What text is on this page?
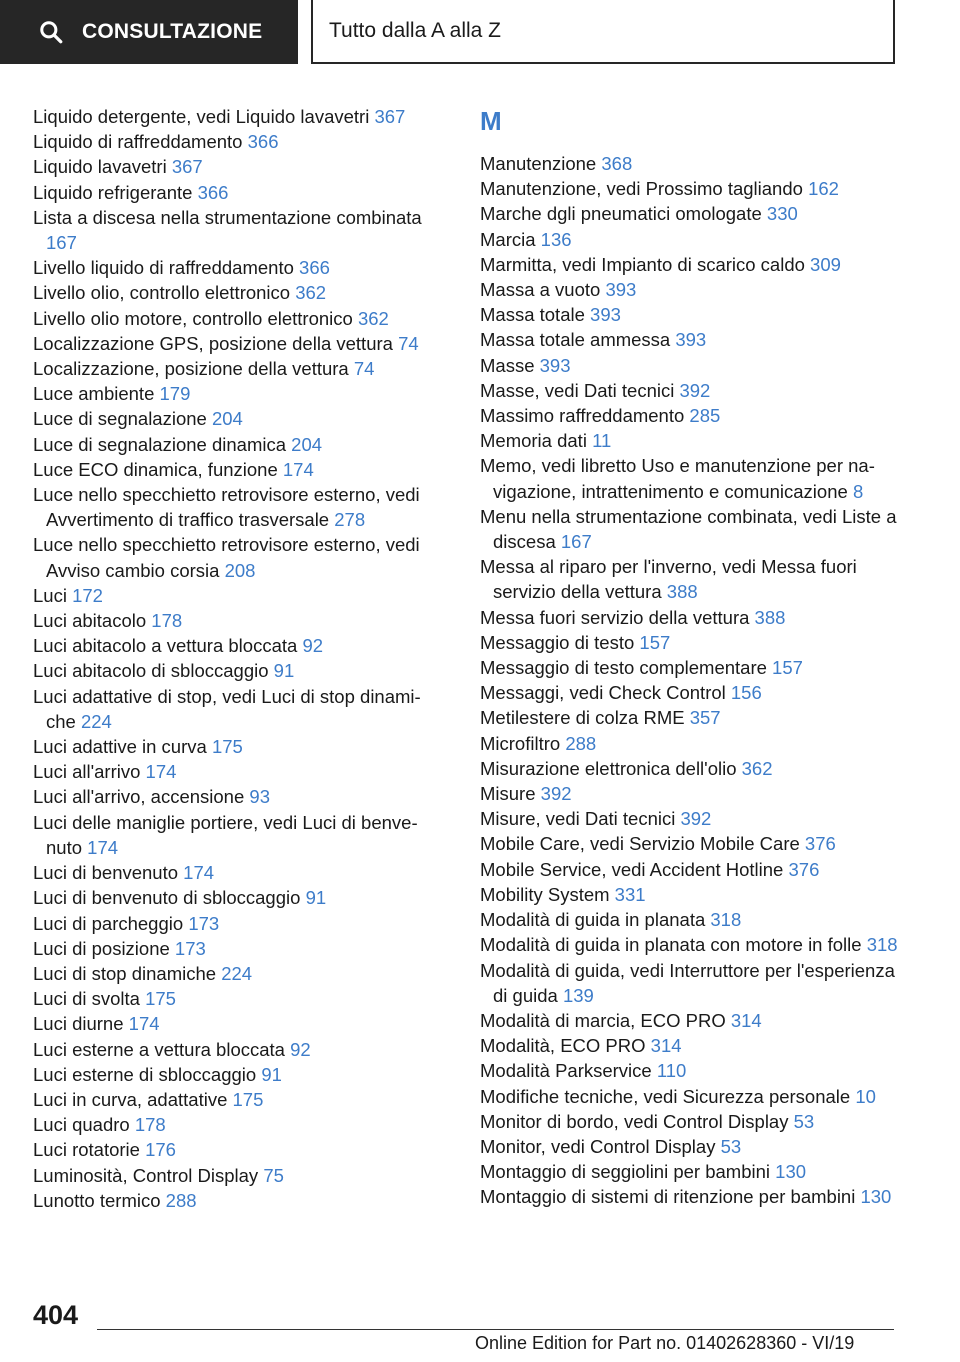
CONSULTAZIONE	Tutto dalla A alla Z

Liquido detergente, vedi Liquido lavavetri 367

Liquido di raffreddamento 366

Liquido lavavetri 367

Liquido refrigerante 366

Lista a discesa nella strumentazione combinata 167

Livello liquido di raffreddamento 366

Livello olio, controllo elettronico 362

Livello olio motore, controllo elettronico 362

Localizzazione GPS, posizione della vettura 74

Localizzazione, posizione della vettura 74

Luce ambiente 179

Luce di segnalazione 204

Luce di segnalazione dinamica 204

Luce ECO dinamica, funzione 174

Luce nello specchietto retrovisore esterno, vedi Avvertimento di traffico trasversale 278

Luce nello specchietto retrovisore esterno, vedi Avviso cambio corsia 208

Luci 172

Luci abitacolo 178

Luci abitacolo a vettura bloccata 92

Luci abitacolo di sbloccaggio 91

Luci adattative di stop, vedi Luci di stop dinamiche 224

Luci adattive in curva 175

Luci all'arrivo 174

Luci all'arrivo, accensione 93

Luci delle maniglie portiere, vedi Luci di benvenuto 174

Luci di benvenuto 174

Luci di benvenuto di sbloccaggio 91

Luci di parcheggio 173

Luci di posizione 173

Luci di stop dinamiche 224

Luci di svolta 175

Luci diurne 174

Luci esterne a vettura bloccata 92

Luci esterne di sbloccaggio 91

Luci in curva, adattative 175

Luci quadro 178

Luci rotatorie 176

Luminosità, Control Display 75

Lunotto termico 288

M

Manutenzione 368

Manutenzione, vedi Prossimo tagliando 162

Marche dgli pneumatici omologate 330

Marcia 136

Marmitta, vedi Impianto di scarico caldo 309

Massa a vuoto 393

Massa totale 393

Massa totale ammessa 393

Masse 393

Masse, vedi Dati tecnici 392

Massimo raffreddamento 285

Memoria dati 11

Memo, vedi libretto Uso e manutenzione per navigazione, intrattenimento e comunicazione 8

Menu nella strumentazione combinata, vedi Liste a discesa 167

Messa al riparo per l'inverno, vedi Messa fuori servizio della vettura 388

Messa fuori servizio della vettura 388

Messaggio di testo 157

Messaggio di testo complementare 157

Messaggi, vedi Check Control 156

Metilestere di colza RME 357

Microfiltro 288

Misurazione elettronica dell'olio 362

Misure 392

Misure, vedi Dati tecnici 392

Mobile Care, vedi Servizio Mobile Care 376

Mobile Service, vedi Accident Hotline 376

Mobility System 331

Modalità di guida in planata 318

Modalità di guida in planata con motore in folle 318

Modalità di guida, vedi Interruttore per l'esperienza di guida 139

Modalità di marcia, ECO PRO 314

Modalità, ECO PRO 314

Modalità Parkservice 110

Modifiche tecniche, vedi Sicurezza personale 10

Monitor di bordo, vedi Control Display 53

Monitor, vedi Control Display 53

Montaggio di seggiolini per bambini 130

Montaggio di sistemi di ritenzione per bambini 130

404
Online Edition for Part no. 01402628360 - VI/19
